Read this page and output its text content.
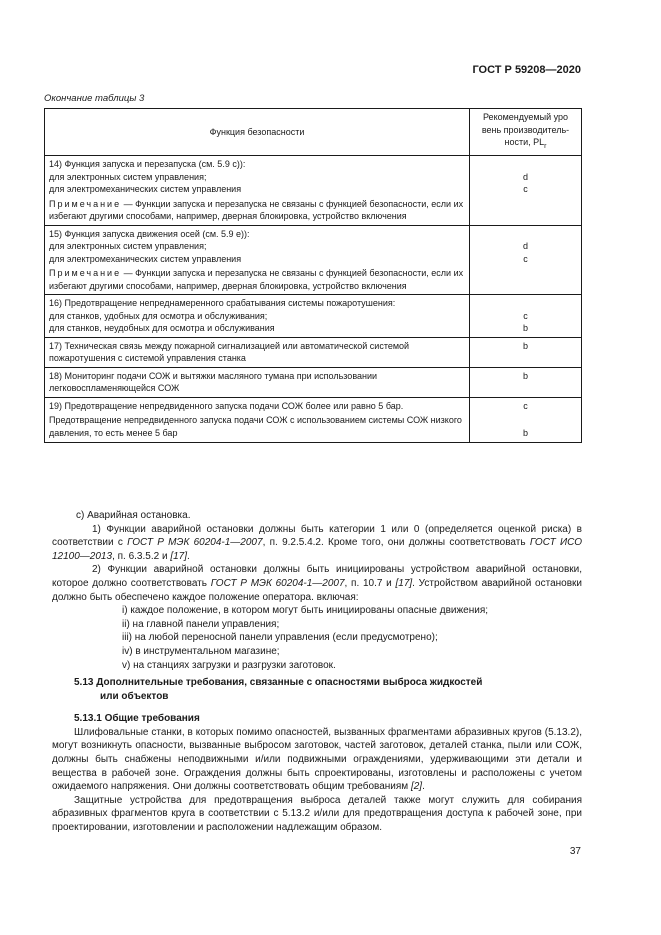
ГОСТ Р 59208—2020
Окончание таблицы 3
Функция безопасности	Рекомендуемый уро
вень производитель-
ности, $PL_r$

14) Функция запуска и перезапуска (см. 5.9 с)):
для электронных систем управления;
для электромеханических систем управления
Примечание — Функции запуска и перезапуска не связаны с функцией безопасности, если их избегают другими способами, например, дверная блокировка, устройство включения	d
c

15) Функция запуска движения осей (см. 5.9 е)):
для электронных систем управления;
для электромеханических систем управления
Примечание — Функции запуска и перезапуска не связаны с функцией безопасности, если их избегают другими способами, например, дверная блокировка, устройство включения	d
c

16) Предотвращение непреднамеренного срабатывания системы пожаротушения:
для станков, удобных для осмотра и обслуживания;
для станков, неудобных для осмотра и обслуживания	c
b

17) Техническая связь между пожарной сигнализацией или автоматической системой пожаротушения с системой управления станка	b
18) Мониторинг подачи СОЖ и вытяжки масляного тумана при использовании легковоспламеняющейся СОЖ	b

19) Предотвращение непредвиденного запуска подачи СОЖ более или равно 5 бар.
Предотвращение непредвиденного запуска подачи СОЖ с использованием системы СОЖ низкого давления, то есть менее 5 бар	c
b

с) Аварийная остановка.

1) Функции аварийной остановки должны быть категории 1 или 0 (определяется оценкой риска) в соответствии с ГОСТ Р МЭК 60204-1—2007, п. 9.2.5.4.2. Кроме того, они должны соответствовать ГОСТ ИСО 12100—2013, п. 6.3.5.2 и [17].

2) Функции аварийной остановки должны быть инициированы устройством аварийной остановки, которое должно соответствовать ГОСТ Р МЭК 60204-1—2007, п. 10.7 и [17]. Устройством аварийной остановки должно быть обеспечено каждое положение оператора. включая:

i) каждое положение, в котором могут быть инициированы опасные движения;

ii) на главной панели управления;

iii) на любой переносной панели управления (если предусмотрено);

iv) в инструментальном магазине;

v) на станциях загрузки и разгрузки заготовок.

5.13 Дополнительные требования, связанные с опасностями выброса жидкостей

или объектов

5.13.1 Общие требования

Шлифовальные станки, в которых помимо опасностей, вызванных фрагментами абразивных кругов (5.13.2), могут возникнуть опасности, вызванные выбросом заготовок, частей заготовок, деталей станка, пыли или СОЖ, должны быть снабжены неподвижными и/или подвижными ограждениями, удерживающими эти детали и вещества в рабочей зоне. Ограждения должны быть спроектированы, изготовлены и расположены с учетом ожидаемого напряжения. Они должны соответствовать общим требованиям [2].

Защитные устройства для предотвращения выброса деталей также могут служить для собирания абразивных фрагментов круга в соответствии с 5.13.2 и/или для предотвращения доступа к рабочей зоне, при проектировании, изготовлении и расположении надлежащим образом.

37
